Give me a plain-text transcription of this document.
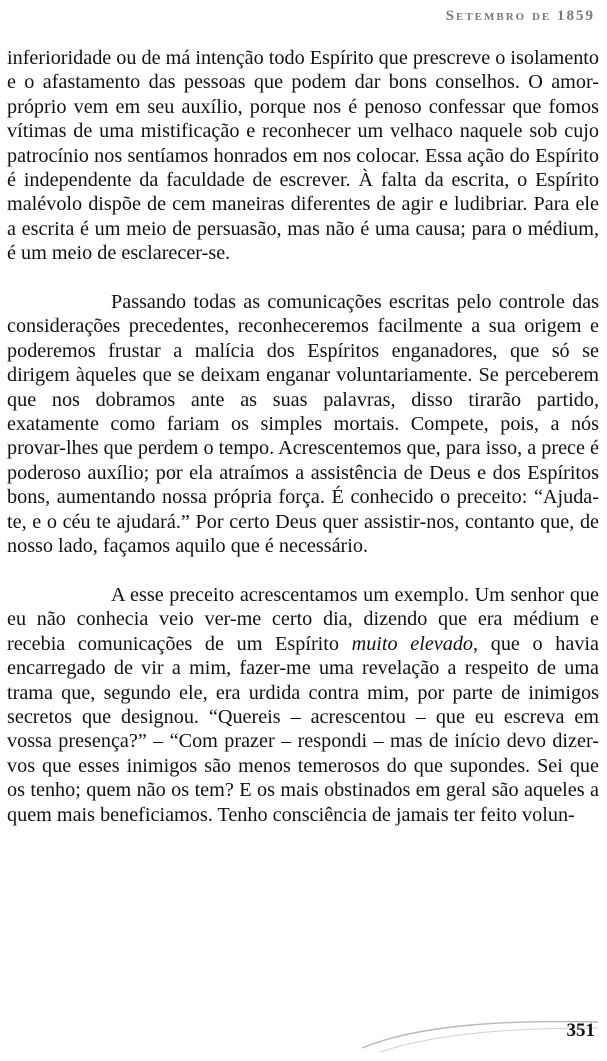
Setembro de 1859

inferioridade ou de má intenção todo Espírito que prescreve o isolamento e o afastamento das pessoas que podem dar bons conselhos. O amor-próprio vem em seu auxílio, porque nos é penoso confessar que fomos vítimas de uma mistificação e reconhecer um velhaco naquele sob cujo patrocínio nos sentíamos honrados em nos colocar. Essa ação do Espírito é independente da faculdade de escrever. À falta da escrita, o Espírito malévolo dispõe de cem maneiras diferentes de agir e ludibriar. Para ele a escrita é um meio de persuasão, mas não é uma causa; para o médium, é um meio de esclarecer-se.

Passando todas as comunicações escritas pelo controle das considerações precedentes, reconheceremos facilmente a sua origem e poderemos frustar a malícia dos Espíritos enganadores, que só se dirigem àqueles que se deixam enganar voluntariamente. Se perceberem que nos dobramos ante as suas palavras, disso tirarão partido, exatamente como fariam os simples mortais. Compete, pois, a nós provar-lhes que perdem o tempo. Acrescentemos que, para isso, a prece é poderoso auxílio; por ela atraímos a assistência de Deus e dos Espíritos bons, aumentando nossa própria força. É conhecido o preceito: “Ajuda-te, e o céu te ajudará.” Por certo Deus quer assistir-nos, contanto que, de nosso lado, façamos aquilo que é necessário.

A esse preceito acrescentamos um exemplo. Um senhor que eu não conhecia veio ver-me certo dia, dizendo que era médium e recebia comunicações de um Espírito muito elevado, que o havia encarregado de vir a mim, fazer-me uma revelação a respeito de uma trama que, segundo ele, era urdida contra mim, por parte de inimigos secretos que designou. “Quereis – acrescentou – que eu escreva em vossa presença?” – “Com prazer – respondi – mas de início devo dizer-vos que esses inimigos são menos temerosos do que supondes. Sei que os tenho; quem não os tem? E os mais obstinados em geral são aqueles a quem mais beneficiamos. Tenho consciência de jamais ter feito volun-

351
